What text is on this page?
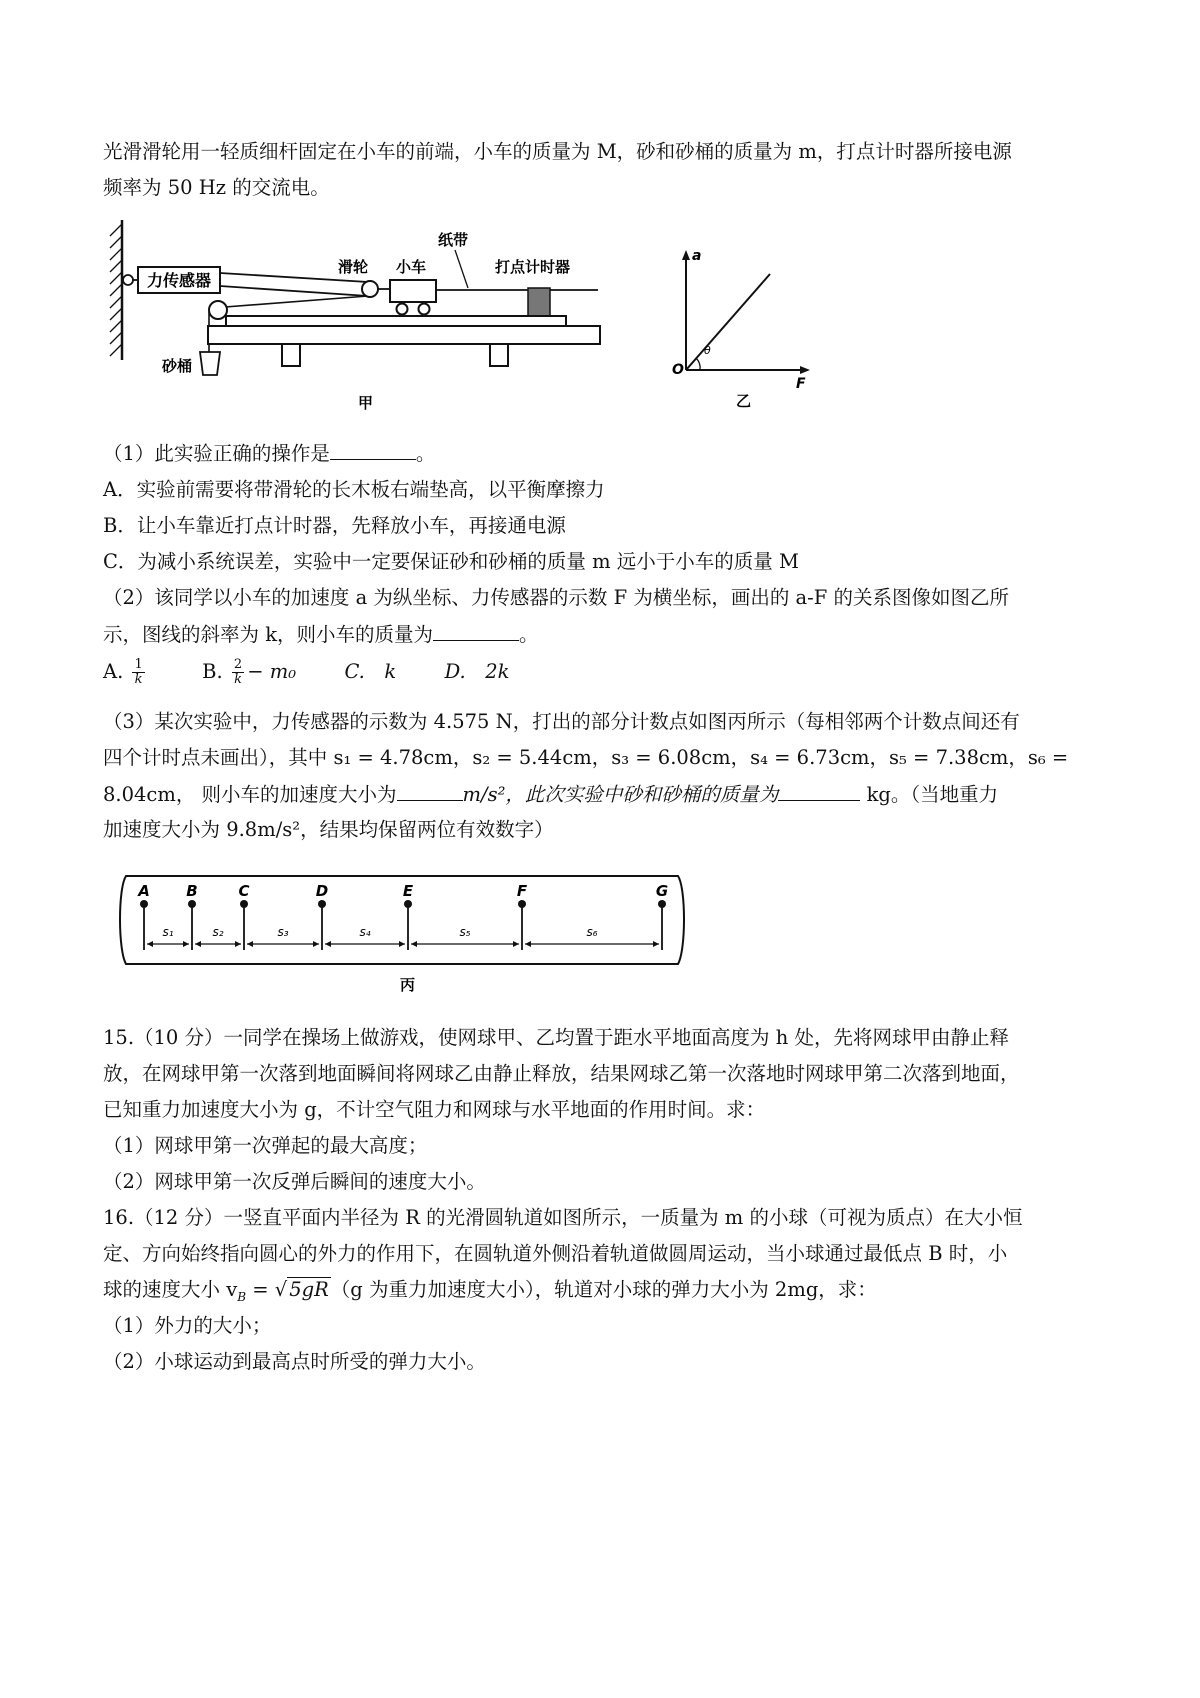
光滑滑轮用一轻质细杆固定在小车的前端，小车的质量为 M，砂和砂桶的质量为 m，打点计时器所接电源
频率为 50 Hz 的交流电。
力传感器
砂桶
滑轮 小车
纸带
打点计时器
甲
a
F
O
θ
乙
（1）此实验正确的操作是	。
A．实验前需要将带滑轮的长木板右端垫高，以平衡摩擦力
B．让小车靠近打点计时器，先释放小车，再接通电源
C．为减小系统误差，实验中一定要保证砂和砂桶的质量 m 远小于小车的质量 M
（2）该同学以小车的加速度 a 为纵坐标、力传感器的示数 F 为横坐标，画出的 a-F 的关系图像如图乙所
示，图线的斜率为 k，则小车的质量为	。
A. $\frac{1}{k}$	B. $\frac{2}{k} - m_0$ C.　k D.　2k
（3）某次实验中，力传感器的示数为 4.575 N，打出的部分计数点如图丙所示（每相邻两个计数点间还有
四个计时点未画出），其中 s₁ = 4.78cm，s₂ = 5.44cm，s₃ = 6.08cm，s₄ = 6.73cm，s₅ = 7.38cm，s₆ =
8.04cm， 则小车的加速度大小为	m/s²，此次实验中砂和砂桶的质量为	kg。（当地重力
加速度大小为 9.8m/s²，结果均保留两位有效数字）
A B	C	D	E	F	G
s₁	s₂	s₃	s₄	s₅	s₆
丙
15.（10 分）一同学在操场上做游戏，使网球甲、乙均置于距水平地面高度为 h 处，先将网球甲由静止释
放，在网球甲第一次落到地面瞬间将网球乙由静止释放，结果网球乙第一次落地时网球甲第二次落到地面，
已知重力加速度大小为 g，不计空气阻力和网球与水平地面的作用时间。求：
（1）网球甲第一次弹起的最大高度；
（2）网球甲第一次反弹后瞬间的速度大小。
16.（12 分）一竖直平面内半径为 R 的光滑圆轨道如图所示，一质量为 m 的小球（可视为质点）在大小恒
定、方向始终指向圆心的外力的作用下，在圆轨道外侧沿着轨道做圆周运动，当小球通过最低点 B 时，小
球的速度大小 $v_B$ = √ 5gR （g 为重力加速度大小），轨道对小球的弹力大小为 2mg，求：
（1）外力的大小；
（2）小球运动到最高点时所受的弹力大小。
